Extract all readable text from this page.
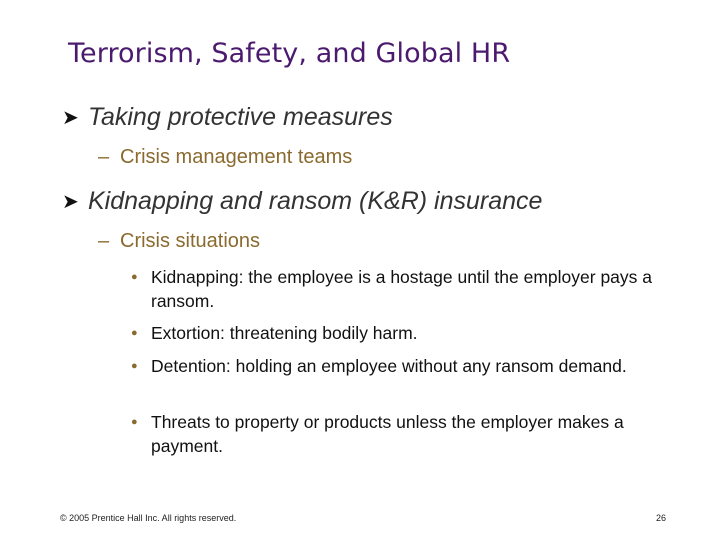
Terrorism, Safety, and Global HR
➤ Taking protective measures
– Crisis management teams
➤ Kidnapping and ransom (K&R) insurance
– Crisis situations
● Kidnapping: the employee is a hostage until the employer pays a ransom.
● Extortion: threatening bodily harm.
● Detention: holding an employee without any ransom demand.
● Threats to property or products unless the employer makes a payment.
© 2005 Prentice Hall Inc. All rights reserved.	26
